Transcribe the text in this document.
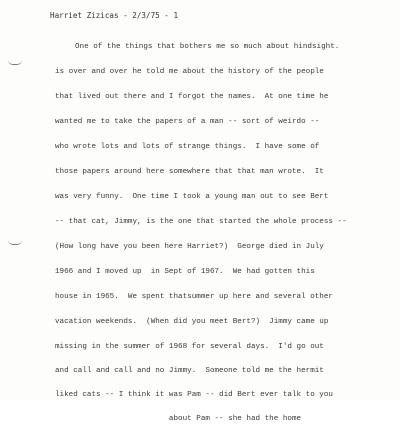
Harriet Zizicas - 2/3/75 - 1
One of the things that bothers me so much about hindsight.
is over and over he told me about the history of the people
that lived out there and I forgot the names.  At one time he
wanted me to take the papers of a man -- sort of weirdo --
who wrote lots and lots of strange things.  I have some of
those papers around here somewhere that that man wrote.  It
was very funny.  One time I took a young man out to see Bert
-- that cat, Jimmy, is the one that started the whole process --
(How long have you been here Harriet?)  George died in July
1966 and I moved up  in Sept of 1967.  We had gotten this
house in 1965.  We spent thatsummer up here and several other
vacation weekends.  (When did you meet Bert?)  Jimmy came up
missing in the summer of 1968 for several days.  I'd go out
and call and call and no Jimmy.  Someone told me the hermit
liked cats -- I think it was Pam -- did Bert ever talk to you
about Pam -- she had the home
